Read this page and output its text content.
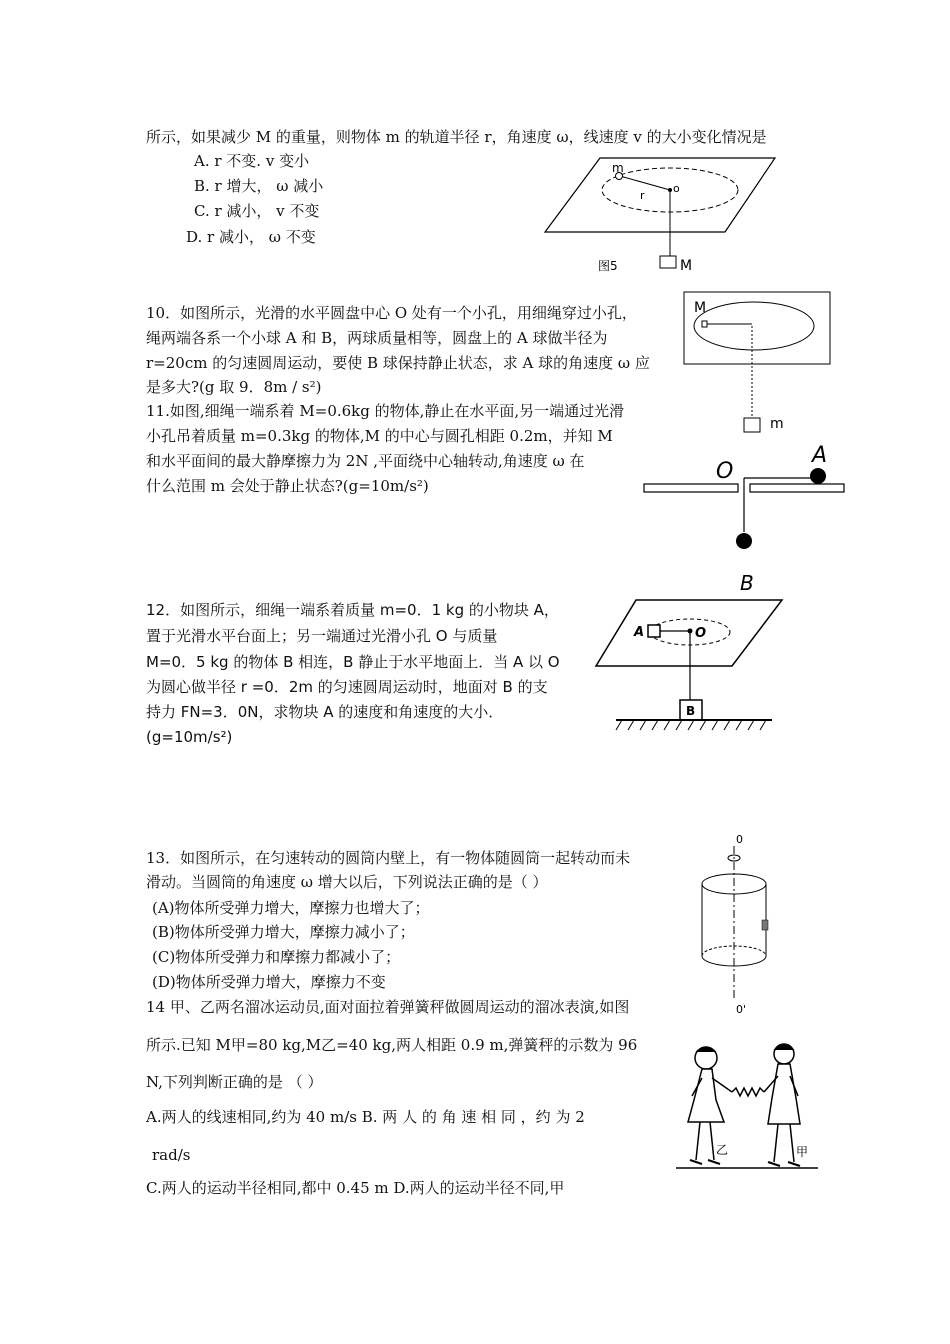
所示，如果减少 M 的重量，则物体 m 的轨道半径 r，角速度 ω，线速度 v 的大小变化情况是
A. r 不变. v 变小
B. r 增大， ω 减小
C. r 减小， v 不变
D. r 减小， ω 不变
m
r
o
图5	M
10．如图所示，光滑的水平圆盘中心 O 处有一个小孔，用细绳穿过小孔，
绳两端各系一个小球 A 和 B，两球质量相等，圆盘上的 A 球做半径为
r=20cm 的匀速圆周运动，要使 B 球保持静止状态，求 A 球的角速度 ω 应
是多大?(g 取 9．8m / s²)
M
m
11.如图,细绳一端系着 M=0.6kg 的物体,静止在水平面,另一端通过光滑
小孔吊着质量 m=0.3kg 的物体,M 的中心与圆孔相距 0.2m，并知 M
和水平面间的最大静摩擦力为 2N ,平面绕中心轴转动,角速度 ω 在
什么范围 m 会处于静止状态?(g=10m/s²)
O
A
12．如图所示，细绳一端系着质量 m=0．1 kg 的小物块 A，
置于光滑水平台面上；另一端通过光滑小孔 O 与质量
M=0．5 kg 的物体 B 相连，B 静止于水平地面上．当 A 以 O
为圆心做半径 r =0．2m 的匀速圆周运动时，地面对 B 的支
持力 FN=3．0N，求物块 A 的速度和角速度的大小．
(g=10m/s²)
B
A	O
B
13．如图所示，在匀速转动的圆筒内壁上，有一物体随圆筒一起转动而未
滑动。当圆筒的角速度 ω 增大以后，下列说法正确的是（ ）
(A)物体所受弹力增大，摩擦力也增大了；
(B)物体所受弹力增大，摩擦力减小了；
(C)物体所受弹力和摩擦力都减小了；
(D)物体所受弹力增大，摩擦力不变
0
0'
14 甲、乙两名溜冰运动员,面对面拉着弹簧秤做圆周运动的溜冰表演,如图
所示.已知 M甲=80 kg,M乙=40 kg,两人相距 0.9 m,弹簧秤的示数为 96
N,下列判断正确的是 （ ）
A.两人的线速相同,约为 40 m/s B. 两 人 的 角 速 相 同 ，约 为 2
rad/s
C.两人的运动半径相同,都中 0.45 m D.两人的运动半径不同,甲
乙	甲
